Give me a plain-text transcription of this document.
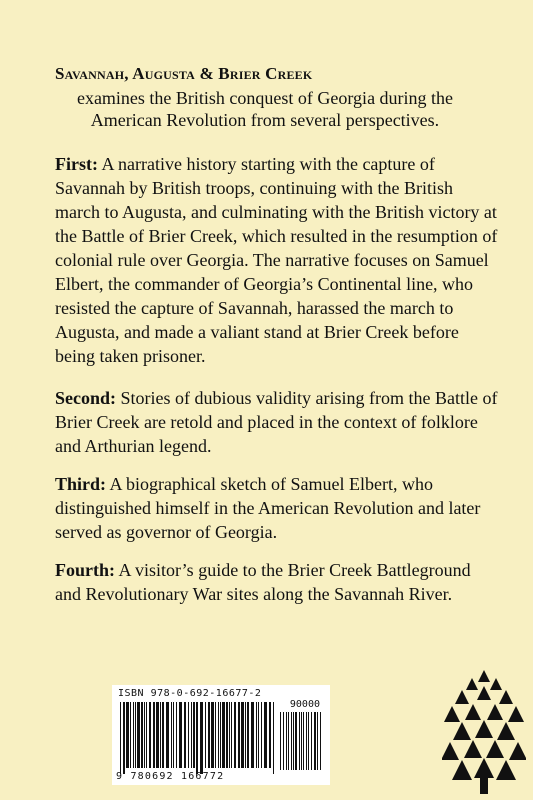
Savannah, Augusta & Brier Creek
examines the British conquest of Georgia during the American Revolution from several perspectives.
First: A narrative history starting with the capture of Savannah by British troops, continuing with the British march to Augusta, and culminating with the British victory at the Battle of Brier Creek, which resulted in the resumption of colonial rule over Georgia. The narrative focuses on Samuel Elbert, the commander of Georgia’s Continental line, who resisted the capture of Savannah, harassed the march to Augusta, and made a valiant stand at Brier Creek before being taken prisoner.
Second: Stories of dubious validity arising from the Battle of Brier Creek are retold and placed in the context of folklore and Arthurian legend.
Third: A biographical sketch of Samuel Elbert, who distinguished himself in the American Revolution and later served as governor of Georgia.
Fourth: A visitor’s guide to the Brier Creek Battleground and Revolutionary War sites along the Savannah River.
ISBN 978-0-692-16677-2
90000
9 780692 166772
